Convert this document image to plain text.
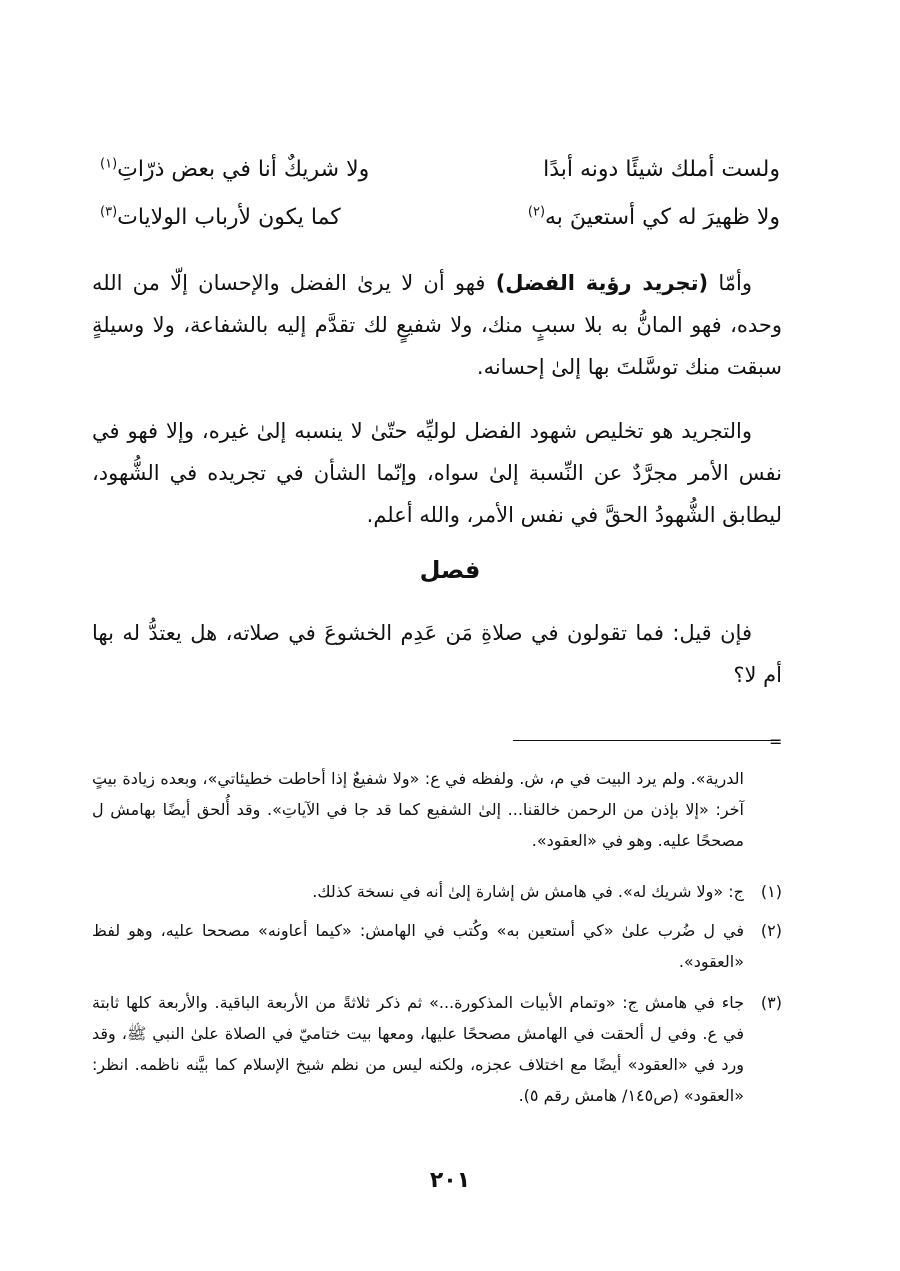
ولست أملك شيئًا دونه أبدًا
ولا شريكٌ أنا في بعض ذرّاتِ$^{(١)}$
ولا ظهيرَ له كي أستعينَ به$^{(٢)}$
كما يكون لأرباب الولايات$^{(٣)}$
وأمّا (تجريد رؤية الفضل) فهو أن لا يرىٰ الفضل والإحسان إلّا من الله وحده، فهو المانُّ به بلا سببٍ منك، ولا شفيعٍ لك تقدَّم إليه بالشفاعة، ولا وسيلةٍ سبقت منك توسَّلتَ بها إلىٰ إحسانه.
والتجريد هو تخليص شهود الفضل لوليِّه حتّىٰ لا ينسبه إلىٰ غيره، وإلا فهو في نفس الأمر مجرَّدٌ عن النِّسبة إلىٰ سواه، وإنّما الشأن في تجريده في الشُّهود، ليطابق الشُّهودُ الحقَّ في نفس الأمر، والله أعلم.
فصل
فإن قيل: فما تقولون في صلاةِ مَن عَدِم الخشوعَ في صلاته، هل يعتدُّ له بها أم لا؟
=
الدرية». ولم يرد البيت في م، ش. ولفظه في ع: «ولا شفيعٌ إذا أحاطت خطيئاتي»، وبعده زيادة بيتٍ آخر: «إلا بإذن من الرحمن خالقنا... إلىٰ الشفيع كما قد جا في الآياتِ». وقد أُلحق أيضًا بهامش ل مصححًا عليه. وهو في «العقود».
(١)
ج: «ولا شريك له». في هامش ش إشارة إلىٰ أنه في نسخة كذلك.
(٢)
في ل ضُرب علىٰ «كي أستعين به» وكُتب في الهامش: «كيما أعاونه» مصححا عليه، وهو لفظ «العقود».
(٣)
جاء في هامش ج: «وتمام الأبيات المذكورة...» ثم ذكر ثلاثةً من الأربعة الباقية. والأربعة كلها ثابتة في ع. وفي ل ألحقت في الهامش مصححًا عليها، ومعها بيت ختاميّ في الصلاة علىٰ النبي ﷺ، وقد ورد في «العقود» أيضًا مع اختلاف عجزه، ولكنه ليس من نظم شيخ الإسلام كما بيَّنه ناظمه. انظر: «العقود» (ص١٤٥/ هامش رقم ٥).
٢٠١
